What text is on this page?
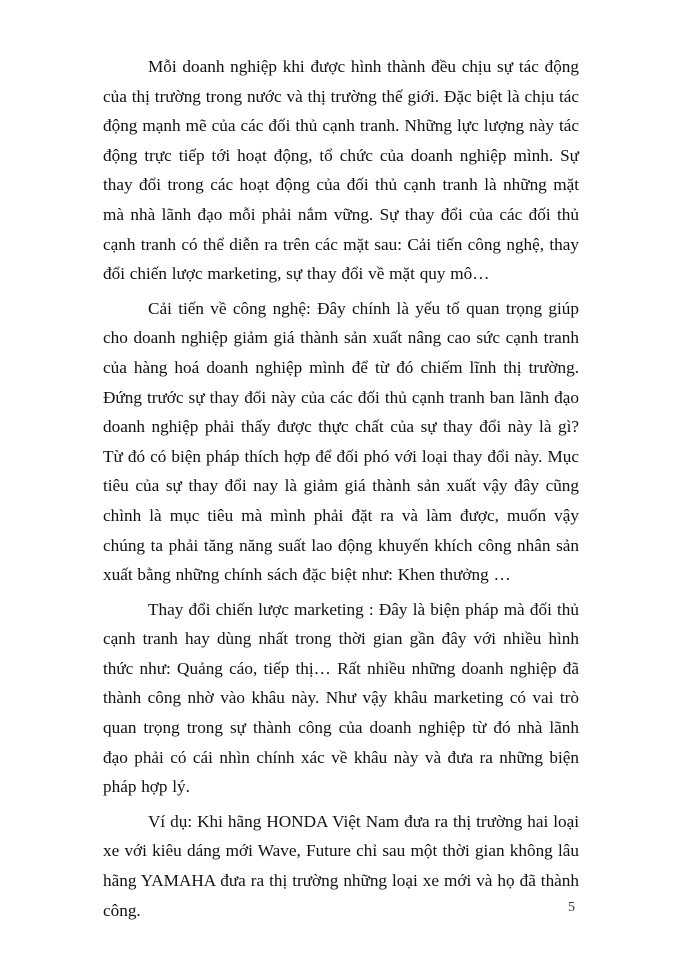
Mỗi doanh nghiệp khi được hình thành đều chịu sự tác động của thị trường trong nước và thị trường thế giới. Đặc biệt là chịu tác động mạnh mẽ của các đối thủ cạnh tranh. Những lực lượng này tác động trực tiếp tới hoạt động, tổ chức của doanh nghiệp mình. Sự thay đổi trong các hoạt động của đối thủ cạnh tranh là những mặt mà nhà lãnh đạo mỗi phải nắm vững. Sự thay đổi của các đối thủ cạnh tranh có thể diễn ra trên các mặt sau: Cải tiến công nghệ, thay đổi chiến lược marketing, sự thay đổi về mặt quy mô…

Cải tiến về công nghệ: Đây chính là yếu tố quan trọng giúp cho doanh nghiệp giảm giá thành sản xuất nâng cao sức cạnh tranh của hàng hoá doanh nghiệp mình để từ đó chiếm lĩnh thị trường. Đứng trước sự thay đổi này của các đối thủ cạnh tranh ban lãnh đạo doanh nghiệp phải thấy được thực chất của sự thay đổi này là gì? Từ đó có biện pháp thích hợp để đối phó với loại thay đổi này. Mục tiêu của sự thay đổi nay là giảm giá thành sản xuất vậy đây cũng chình là mục tiêu mà mình phải đặt ra và làm được, muốn vậy chúng ta phải tăng năng suất lao động khuyến khích công nhân sản xuất bằng những chính sách đặc biệt như: Khen thưởng …

Thay đổi chiến lược marketing : Đây là biện pháp mà đối thủ cạnh tranh hay dùng nhất trong thời gian gần đây với nhiều hình thức như: Quảng cáo, tiếp thị… Rất nhiều những doanh nghiệp đã thành công nhờ vào khâu này. Như vậy khâu marketing có vai trò quan trọng trong sự thành công của doanh nghiệp từ đó nhà lãnh đạo phải có cái nhìn chính xác về khâu này và đưa ra những biện pháp hợp lý.

Ví dụ: Khi hãng HONDA Việt Nam đưa ra thị trường hai loại xe với kiêu dáng mới Wave, Future chỉ sau một thời gian không lâu hãng YAMAHA đưa ra thị trường những loại xe mới và họ đã thành công.	5
